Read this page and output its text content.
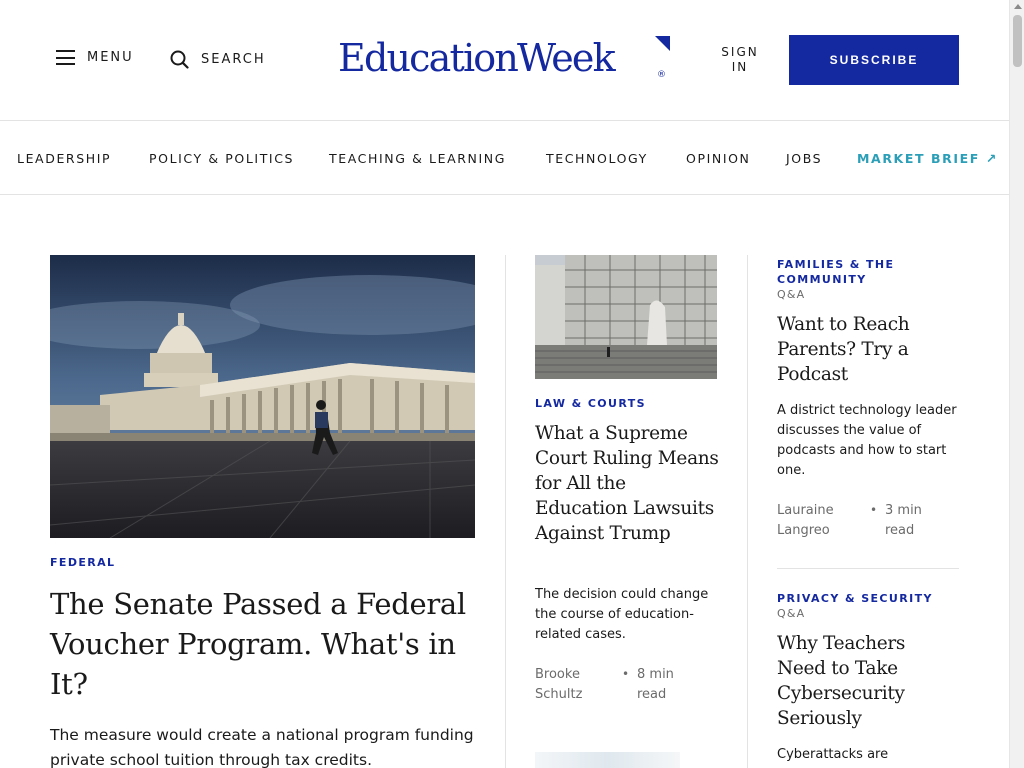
MENU	SEARCH EducationWeek	®
SIGN IN	SUBSCRIBE
LEADERSHIP	POLICY & POLITICS	TEACHING & LEARNING	TECHNOLOGY	OPINION	JOBS	MARKET BRIEF ↗
FEDERAL
The Senate Passed a Federal Voucher Program. What's in It?
The measure would create a national program funding private school tuition through tax credits.
LAW & COURTS
What a Supreme Court Ruling Means for All the Education Lawsuits Against Trump
The decision could change the course of education-related cases.
Brooke Schultz
• 8 min read
FAMILIES & THE COMMUNITY
Q&A
Want to Reach Parents? Try a Podcast
A district technology leader discusses the value of podcasts and how to start one.
Lauraine Langreo
• 3 min read
PRIVACY & SECURITY
Q&A
Why Teachers Need to Take Cybersecurity Seriously
Cyberattacks are
